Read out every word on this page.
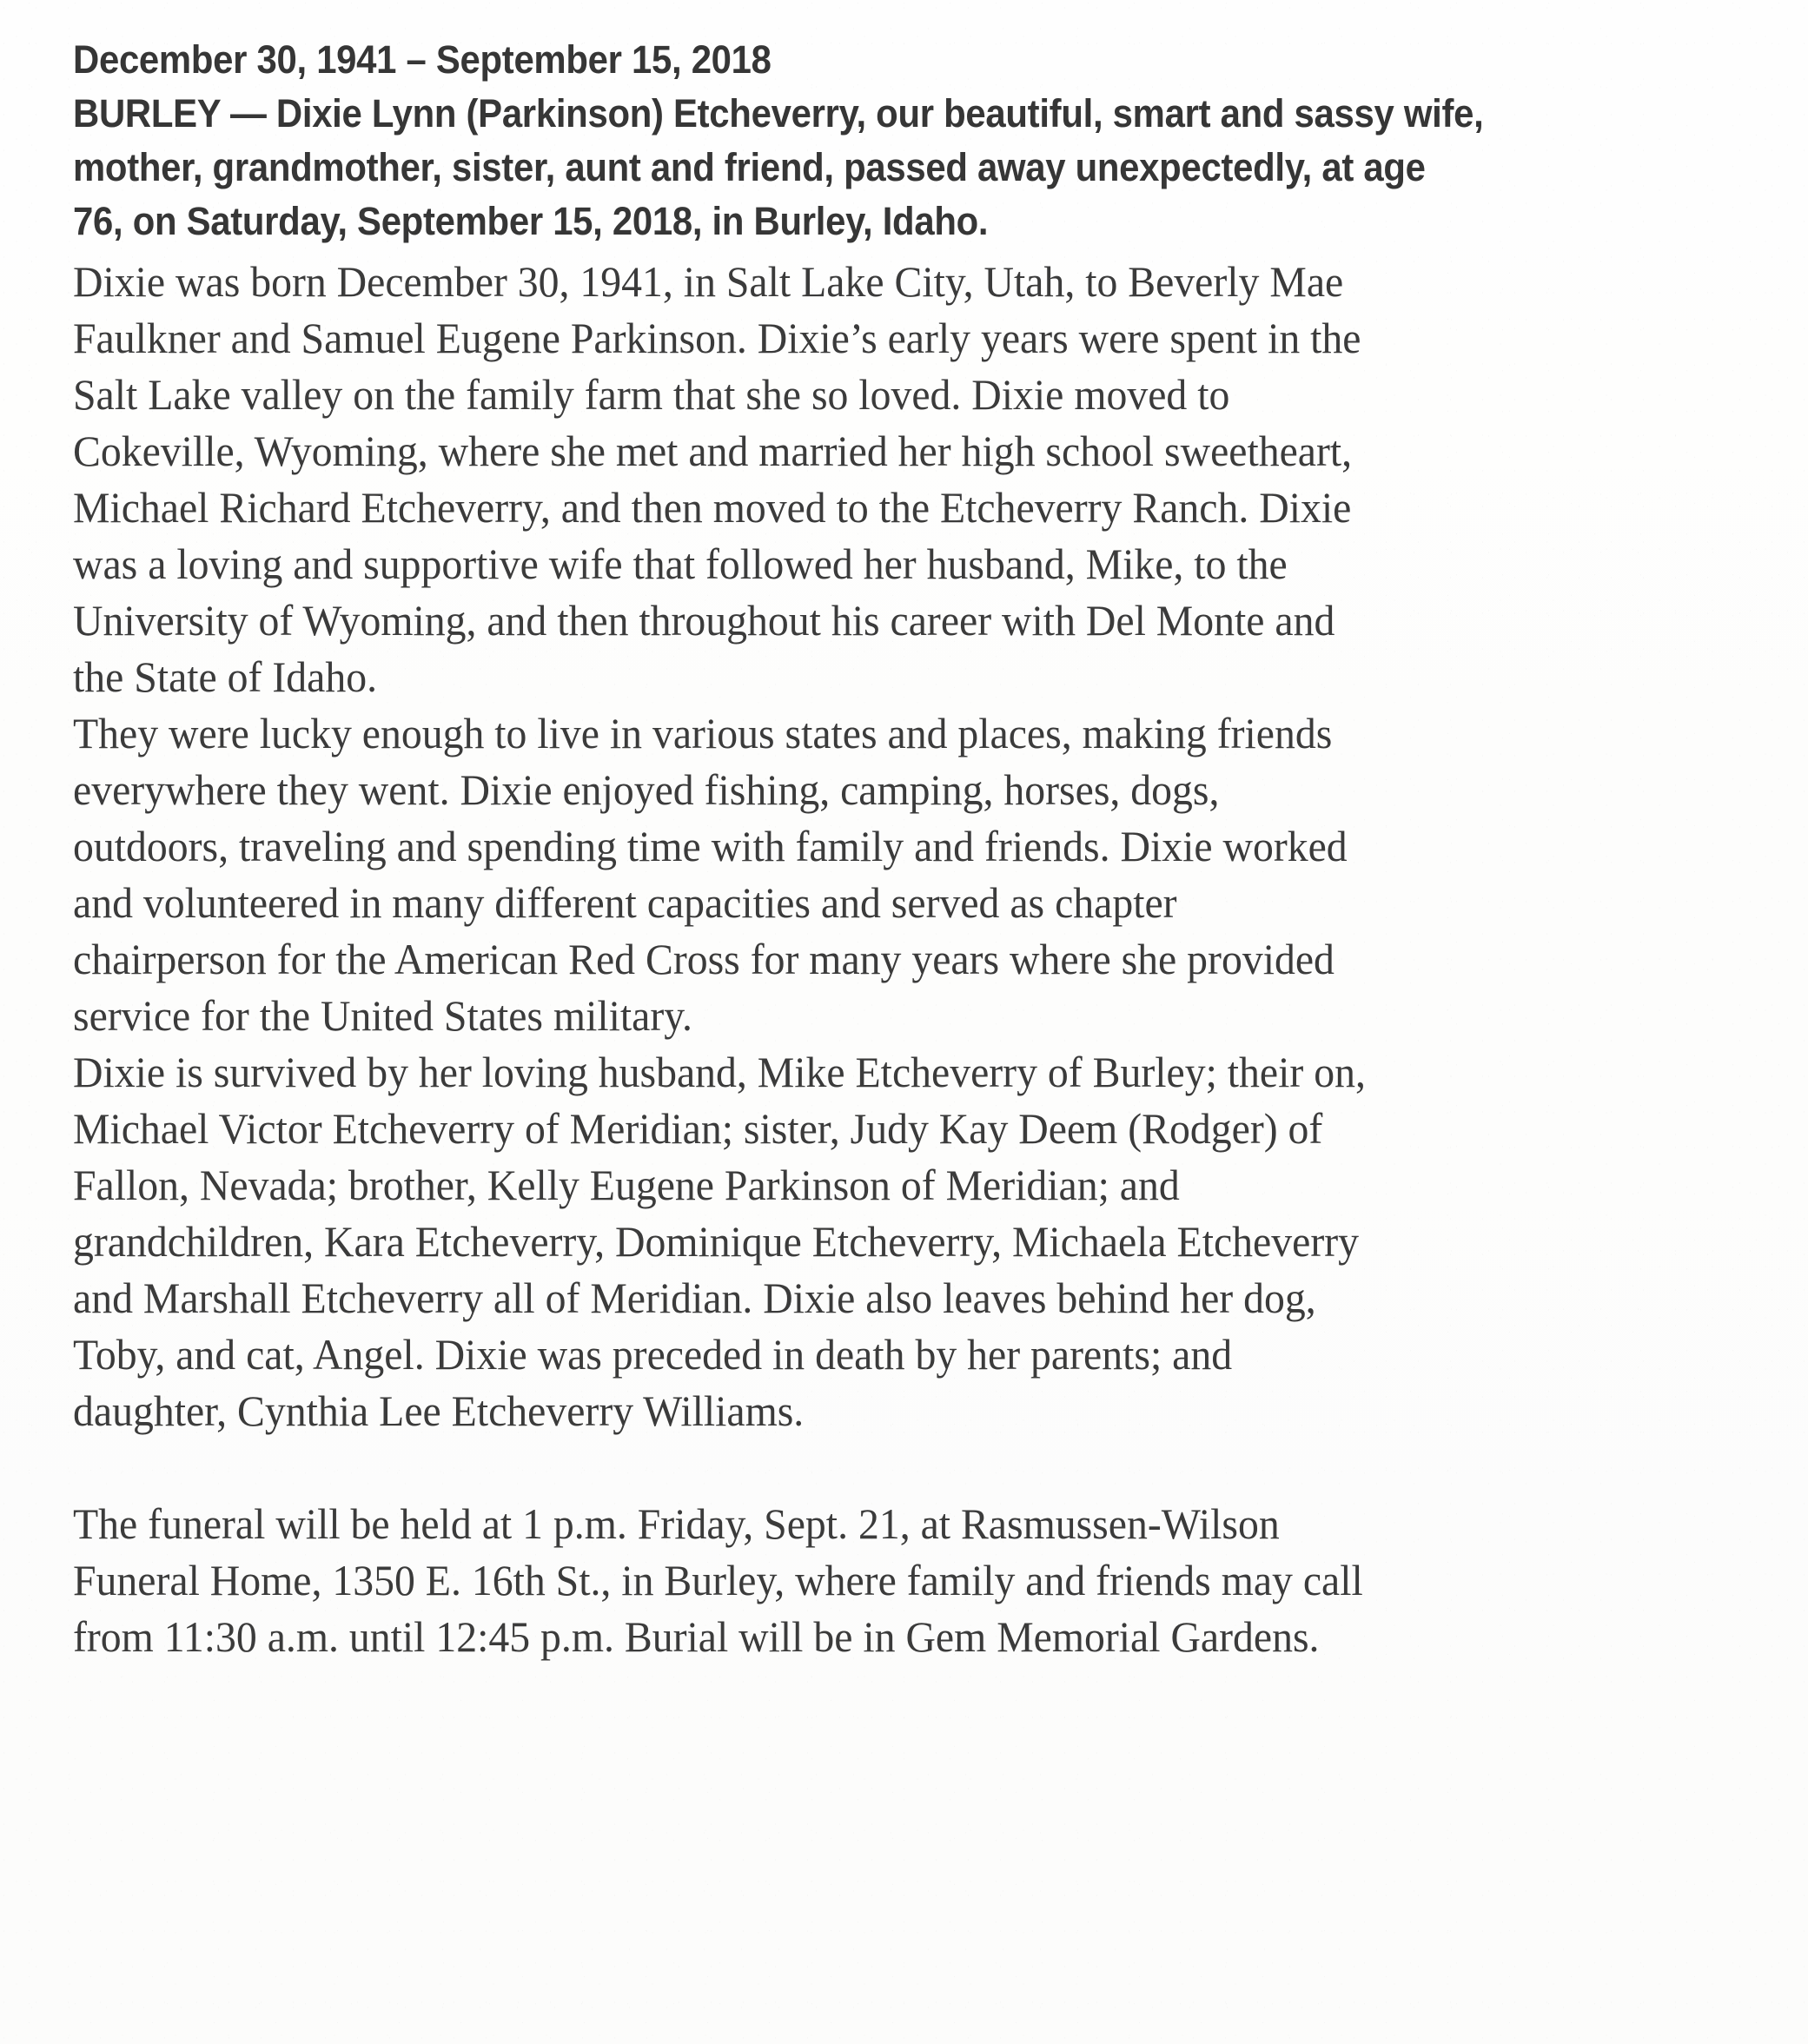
December 30, 1941 – September 15, 2018
BURLEY — Dixie Lynn (Parkinson) Etcheverry, our beautiful, smart and sassy wife,
mother, grandmother, sister, aunt and friend, passed away unexpectedly, at age
76, on Saturday, September 15, 2018, in Burley, Idaho.

Dixie was born December 30, 1941, in Salt Lake City, Utah, to Beverly Mae
Faulkner and Samuel Eugene Parkinson. Dixie’s early years were spent in the
Salt Lake valley on the family farm that she so loved. Dixie moved to
Cokeville, Wyoming, where she met and married her high school sweetheart,
Michael Richard Etcheverry, and then moved to the Etcheverry Ranch. Dixie
was a loving and supportive wife that followed her husband, Mike, to the
University of Wyoming, and then throughout his career with Del Monte and
the State of Idaho.

They were lucky enough to live in various states and places, making friends
everywhere they went. Dixie enjoyed fishing, camping, horses, dogs,
outdoors, traveling and spending time with family and friends. Dixie worked
and volunteered in many different capacities and served as chapter
chairperson for the American Red Cross for many years where she provided
service for the United States military.

Dixie is survived by her loving husband, Mike Etcheverry of Burley; their on,
Michael Victor Etcheverry of Meridian; sister, Judy Kay Deem (Rodger) of
Fallon, Nevada; brother, Kelly Eugene Parkinson of Meridian; and
grandchildren, Kara Etcheverry, Dominique Etcheverry, Michaela Etcheverry
and Marshall Etcheverry all of Meridian. Dixie also leaves behind her dog,
Toby, and cat, Angel. Dixie was preceded in death by her parents; and
daughter, Cynthia Lee Etcheverry Williams.

The funeral will be held at 1 p.m. Friday, Sept. 21, at Rasmussen-Wilson
Funeral Home, 1350 E. 16th St., in Burley, where family and friends may call
from 11:30 a.m. until 12:45 p.m. Burial will be in Gem Memorial Gardens.
